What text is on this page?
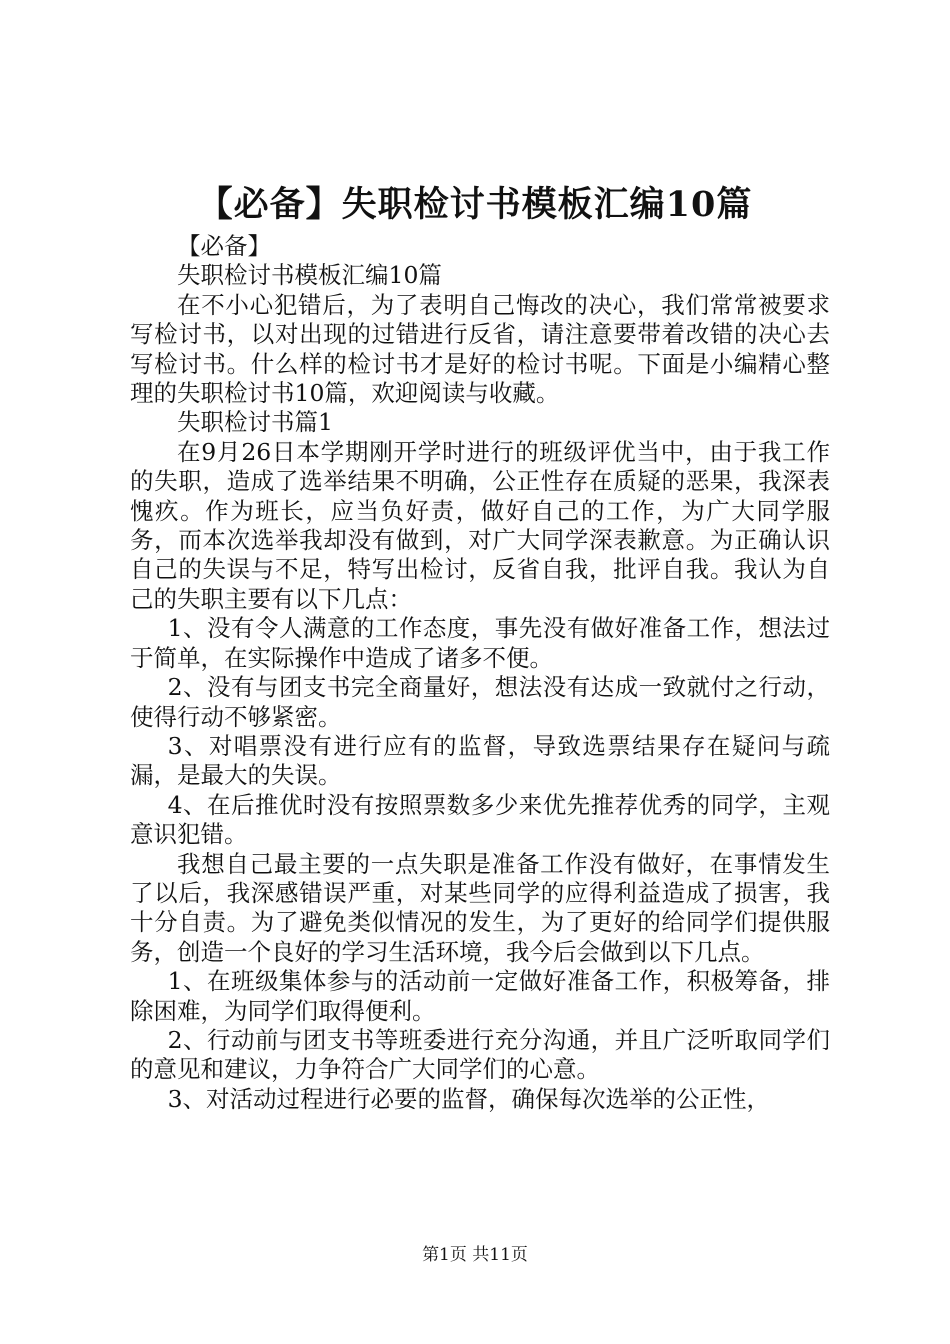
【必备】失职检讨书模板汇编10篇

【必备】

失职检讨书模板汇编10篇

在不小心犯错后，为了表明自己悔改的决心，我们常常被要求写检讨书，以对出现的过错进行反省，请注意要带着改错的决心去写检讨书。什么样的检讨书才是好的检讨书呢。下面是小编精心整理的失职检讨书10篇，欢迎阅读与收藏。

失职检讨书篇1

在9月26日本学期刚开学时进行的班级评优当中，由于我工作的失职，造成了选举结果不明确，公正性存在质疑的恶果，我深表愧疚。作为班长，应当负好责，做好自己的工作，为广大同学服务，而本次选举我却没有做到，对广大同学深表歉意。为正确认识自己的失误与不足，特写出检讨，反省自我，批评自我。我认为自己的失职主要有以下几点：

1、没有令人满意的工作态度，事先没有做好准备工作，想法过于简单，在实际操作中造成了诸多不便。

2、没有与团支书完全商量好，想法没有达成一致就付之行动，使得行动不够紧密。

3、对唱票没有进行应有的监督，导致选票结果存在疑问与疏漏，是最大的失误。

4、在后推优时没有按照票数多少来优先推荐优秀的同学，主观意识犯错。

我想自己最主要的一点失职是准备工作没有做好，在事情发生了以后，我深感错误严重，对某些同学的应得利益造成了损害，我十分自责。为了避免类似情况的发生，为了更好的给同学们提供服务，创造一个良好的学习生活环境，我今后会做到以下几点。

1、在班级集体参与的活动前一定做好准备工作，积极筹备，排除困难，为同学们取得便利。

2、行动前与团支书等班委进行充分沟通，并且广泛听取同学们的意见和建议，力争符合广大同学们的心意。

3、对活动过程进行必要的监督，确保每次选举的公正性，

第1页 共11页
